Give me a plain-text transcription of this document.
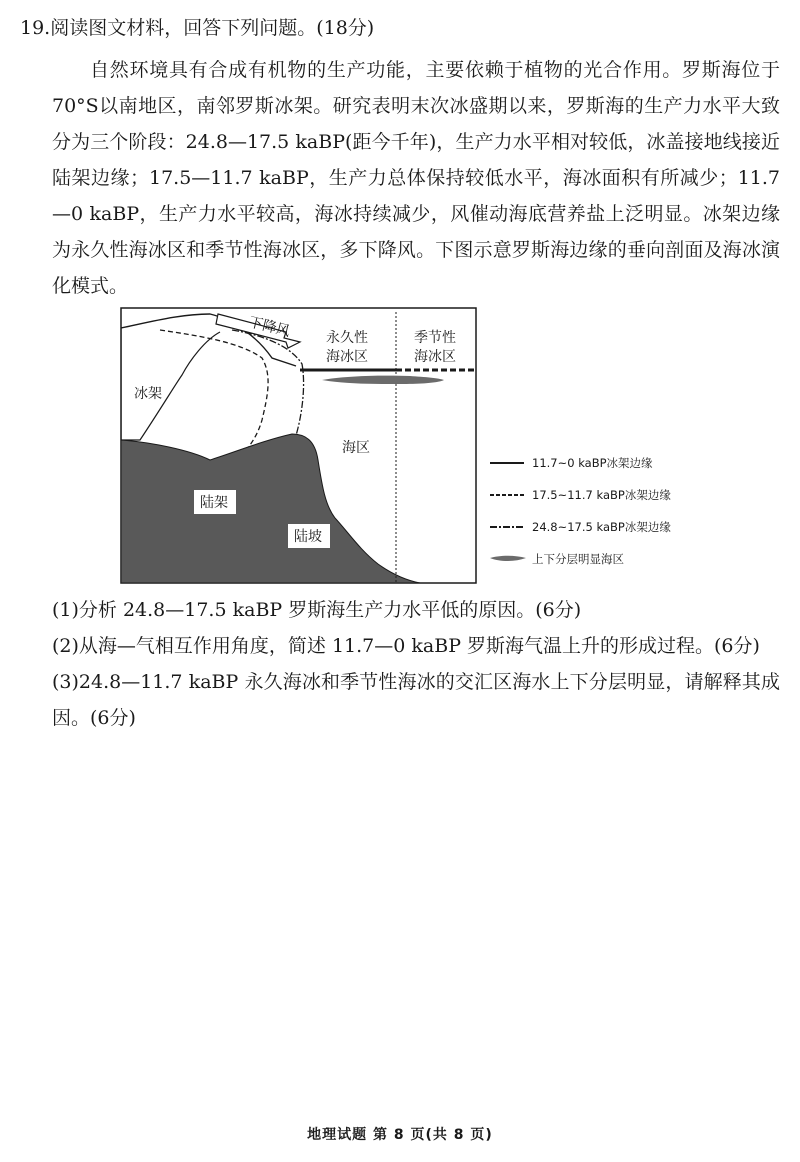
19.阅读图文材料，回答下列问题。(18分)

自然环境具有合成有机物的生产功能，主要依赖于植物的光合作用。罗斯海位于70°S以南地区，南邻罗斯冰架。研究表明末次冰盛期以来，罗斯海的生产力水平大致分为三个阶段：24.8—17.5 kaBP(距今千年)，生产力水平相对较低，冰盖接地线接近陆架边缘；17.5—11.7 kaBP，生产力总体保持较低水平，海冰面积有所减少；11.7—0 kaBP，生产力水平较高，海冰持续减少，风催动海底营养盐上泛明显。冰架边缘为永久性海冰区和季节性海冰区，多下降风。下图示意罗斯海边缘的垂向剖面及海冰演化模式。

下降风 永久性
海冰区
季节性
海冰区
冰架
海区
陆架
陆坡
11.7~0 kaBP冰架边缘
17.5~11.7 kaBP冰架边缘
24.8~17.5 kaBP冰架边缘
上下分层明显海区

(1)分析 24.8—17.5 kaBP 罗斯海生产力水平低的原因。(6分)

(2)从海—气相互作用角度，简述 11.7—0 kaBP 罗斯海气温上升的形成过程。(6分)

(3)24.8—11.7 kaBP 永久海冰和季节性海冰的交汇区海水上下分层明显，请解释其成因。(6分)

地理试题 第 8 页(共 8 页)
